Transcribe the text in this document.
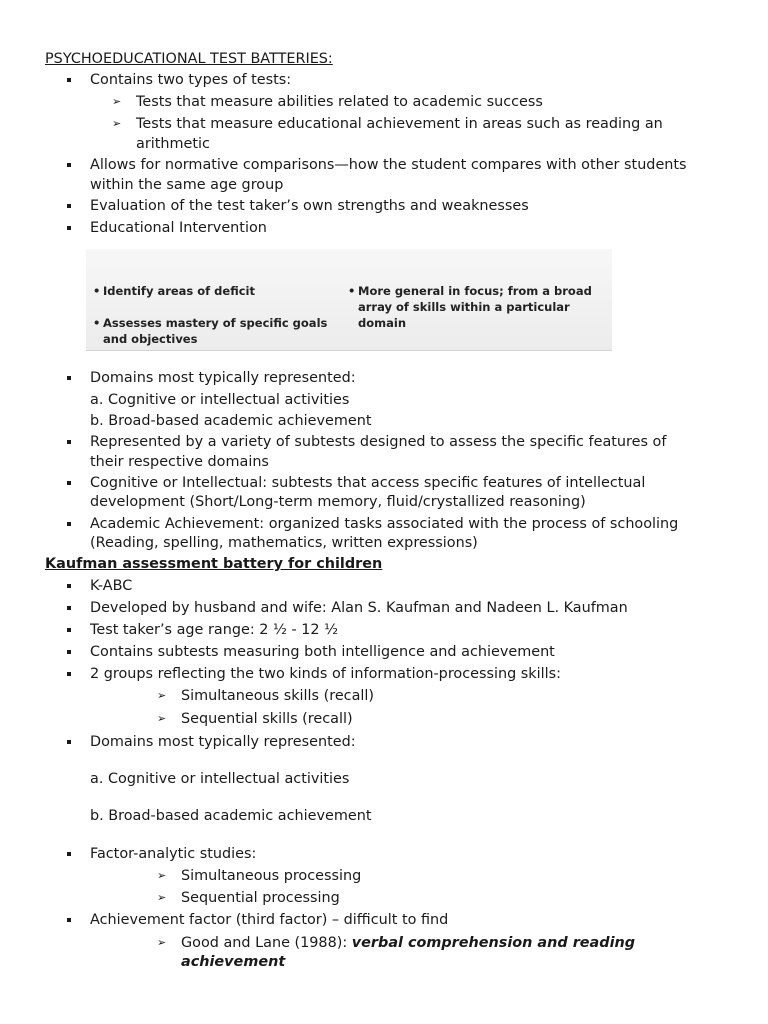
PSYCHOEDUCATIONAL TEST BATTERIES:
Contains two types of tests:
➢ Tests that measure abilities related to academic success
➢ Tests that measure educational achievement in areas such as reading an
arithmetic
Allows for normative comparisons—how the student compares with other students
within the same age group
Evaluation of the test taker’s own strengths and weaknesses
Educational Intervention
• Identify areas of deficit
• Assesses mastery of specific goals and objectives
• More general in focus; from a broad array of skills within a particular domain
Domains most typically represented:
a. Cognitive or intellectual activities
b. Broad-based academic achievement
Represented by a variety of subtests designed to assess the specific features of
their respective domains
Cognitive or Intellectual: subtests that access specific features of intellectual
development (Short/Long-term memory, fluid/crystallized reasoning)
Academic Achievement: organized tasks associated with the process of schooling
(Reading, spelling, mathematics, written expressions)
Kaufman assessment battery for children
K-ABC
Developed by husband and wife: Alan S. Kaufman and Nadeen L. Kaufman
Test taker’s age range: 2 ½ - 12 ½
Contains subtests measuring both intelligence and achievement
2 groups reflecting the two kinds of information-processing skills:
➢ Simultaneous skills (recall)
➢ Sequential skills (recall)
Domains most typically represented:
a. Cognitive or intellectual activities
b. Broad-based academic achievement
Factor-analytic studies:
➢ Simultaneous processing
➢ Sequential processing
Achievement factor (third factor) – difficult to find
➢ Good and Lane (1988): verbal comprehension and reading
achievement
